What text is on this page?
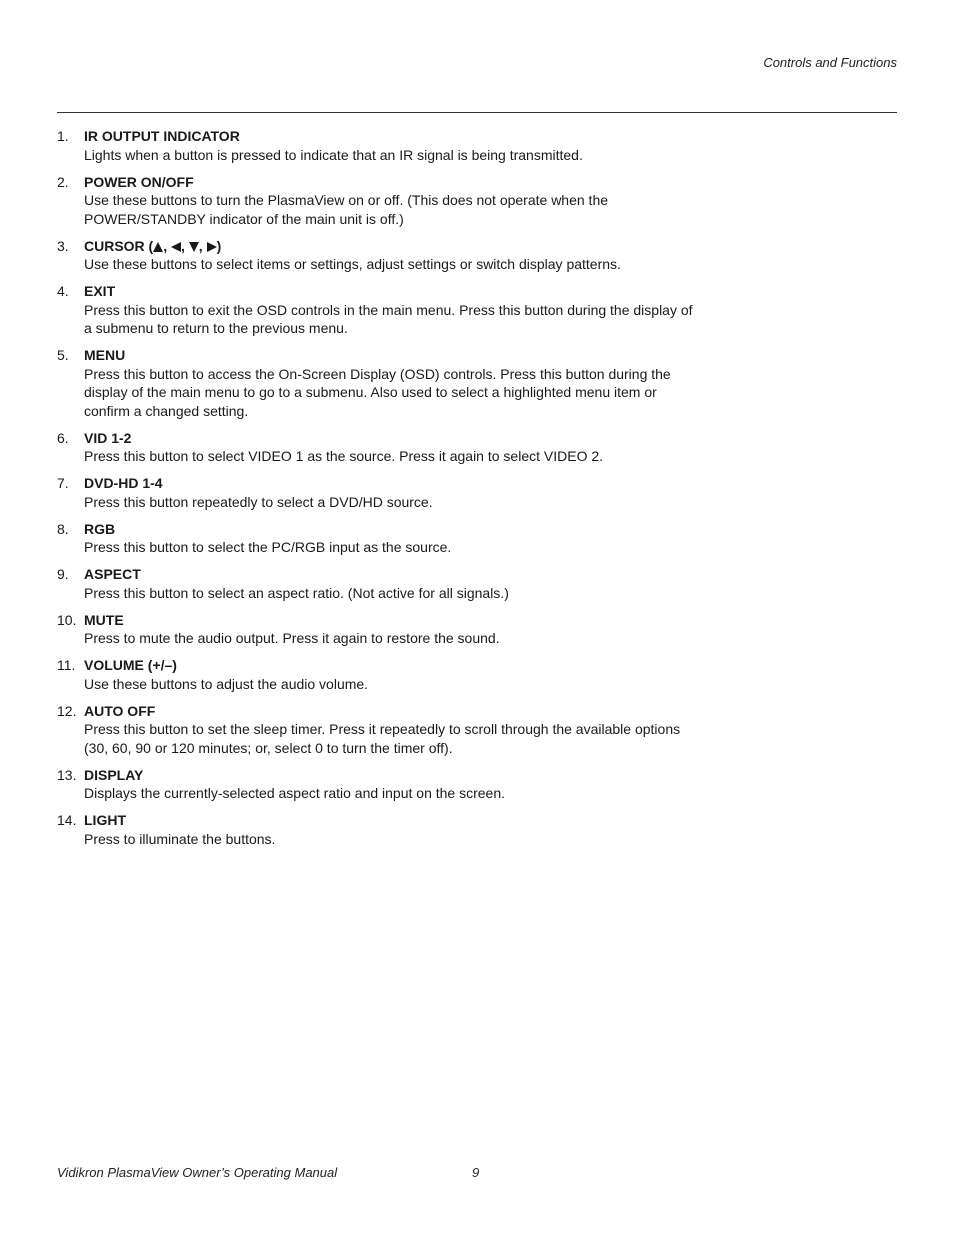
Controls and Functions
1. IR OUTPUT INDICATOR
Lights when a button is pressed to indicate that an IR signal is being transmitted.
2. POWER ON/OFF
Use these buttons to turn the PlasmaView on or off. (This does not operate when the POWER/STANDBY indicator of the main unit is off.)
3. CURSOR ( , , , )
Use these buttons to select items or settings, adjust settings or switch display patterns.
4. EXIT
Press this button to exit the OSD controls in the main menu. Press this button during the display of a submenu to return to the previous menu.
5. MENU
Press this button to access the On-Screen Display (OSD) controls. Press this button during the display of the main menu to go to a submenu. Also used to select a highlighted menu item or confirm a changed setting.
6. VID 1-2
Press this button to select VIDEO 1 as the source. Press it again to select VIDEO 2.
7. DVD-HD 1-4
Press this button repeatedly to select a DVD/HD source.
8. RGB
Press this button to select the PC/RGB input as the source.
9. ASPECT
Press this button to select an aspect ratio. (Not active for all signals.)
10. MUTE
Press to mute the audio output. Press it again to restore the sound.
11. VOLUME (+/–)
Use these buttons to adjust the audio volume.
12. AUTO OFF
Press this button to set the sleep timer. Press it repeatedly to scroll through the available options (30, 60, 90 or 120 minutes; or, select 0 to turn the timer off).
13. DISPLAY
Displays the currently-selected aspect ratio and input on the screen.
14. LIGHT
Press to illuminate the buttons.
Vidikron PlasmaView Owner’s Operating Manual	9
